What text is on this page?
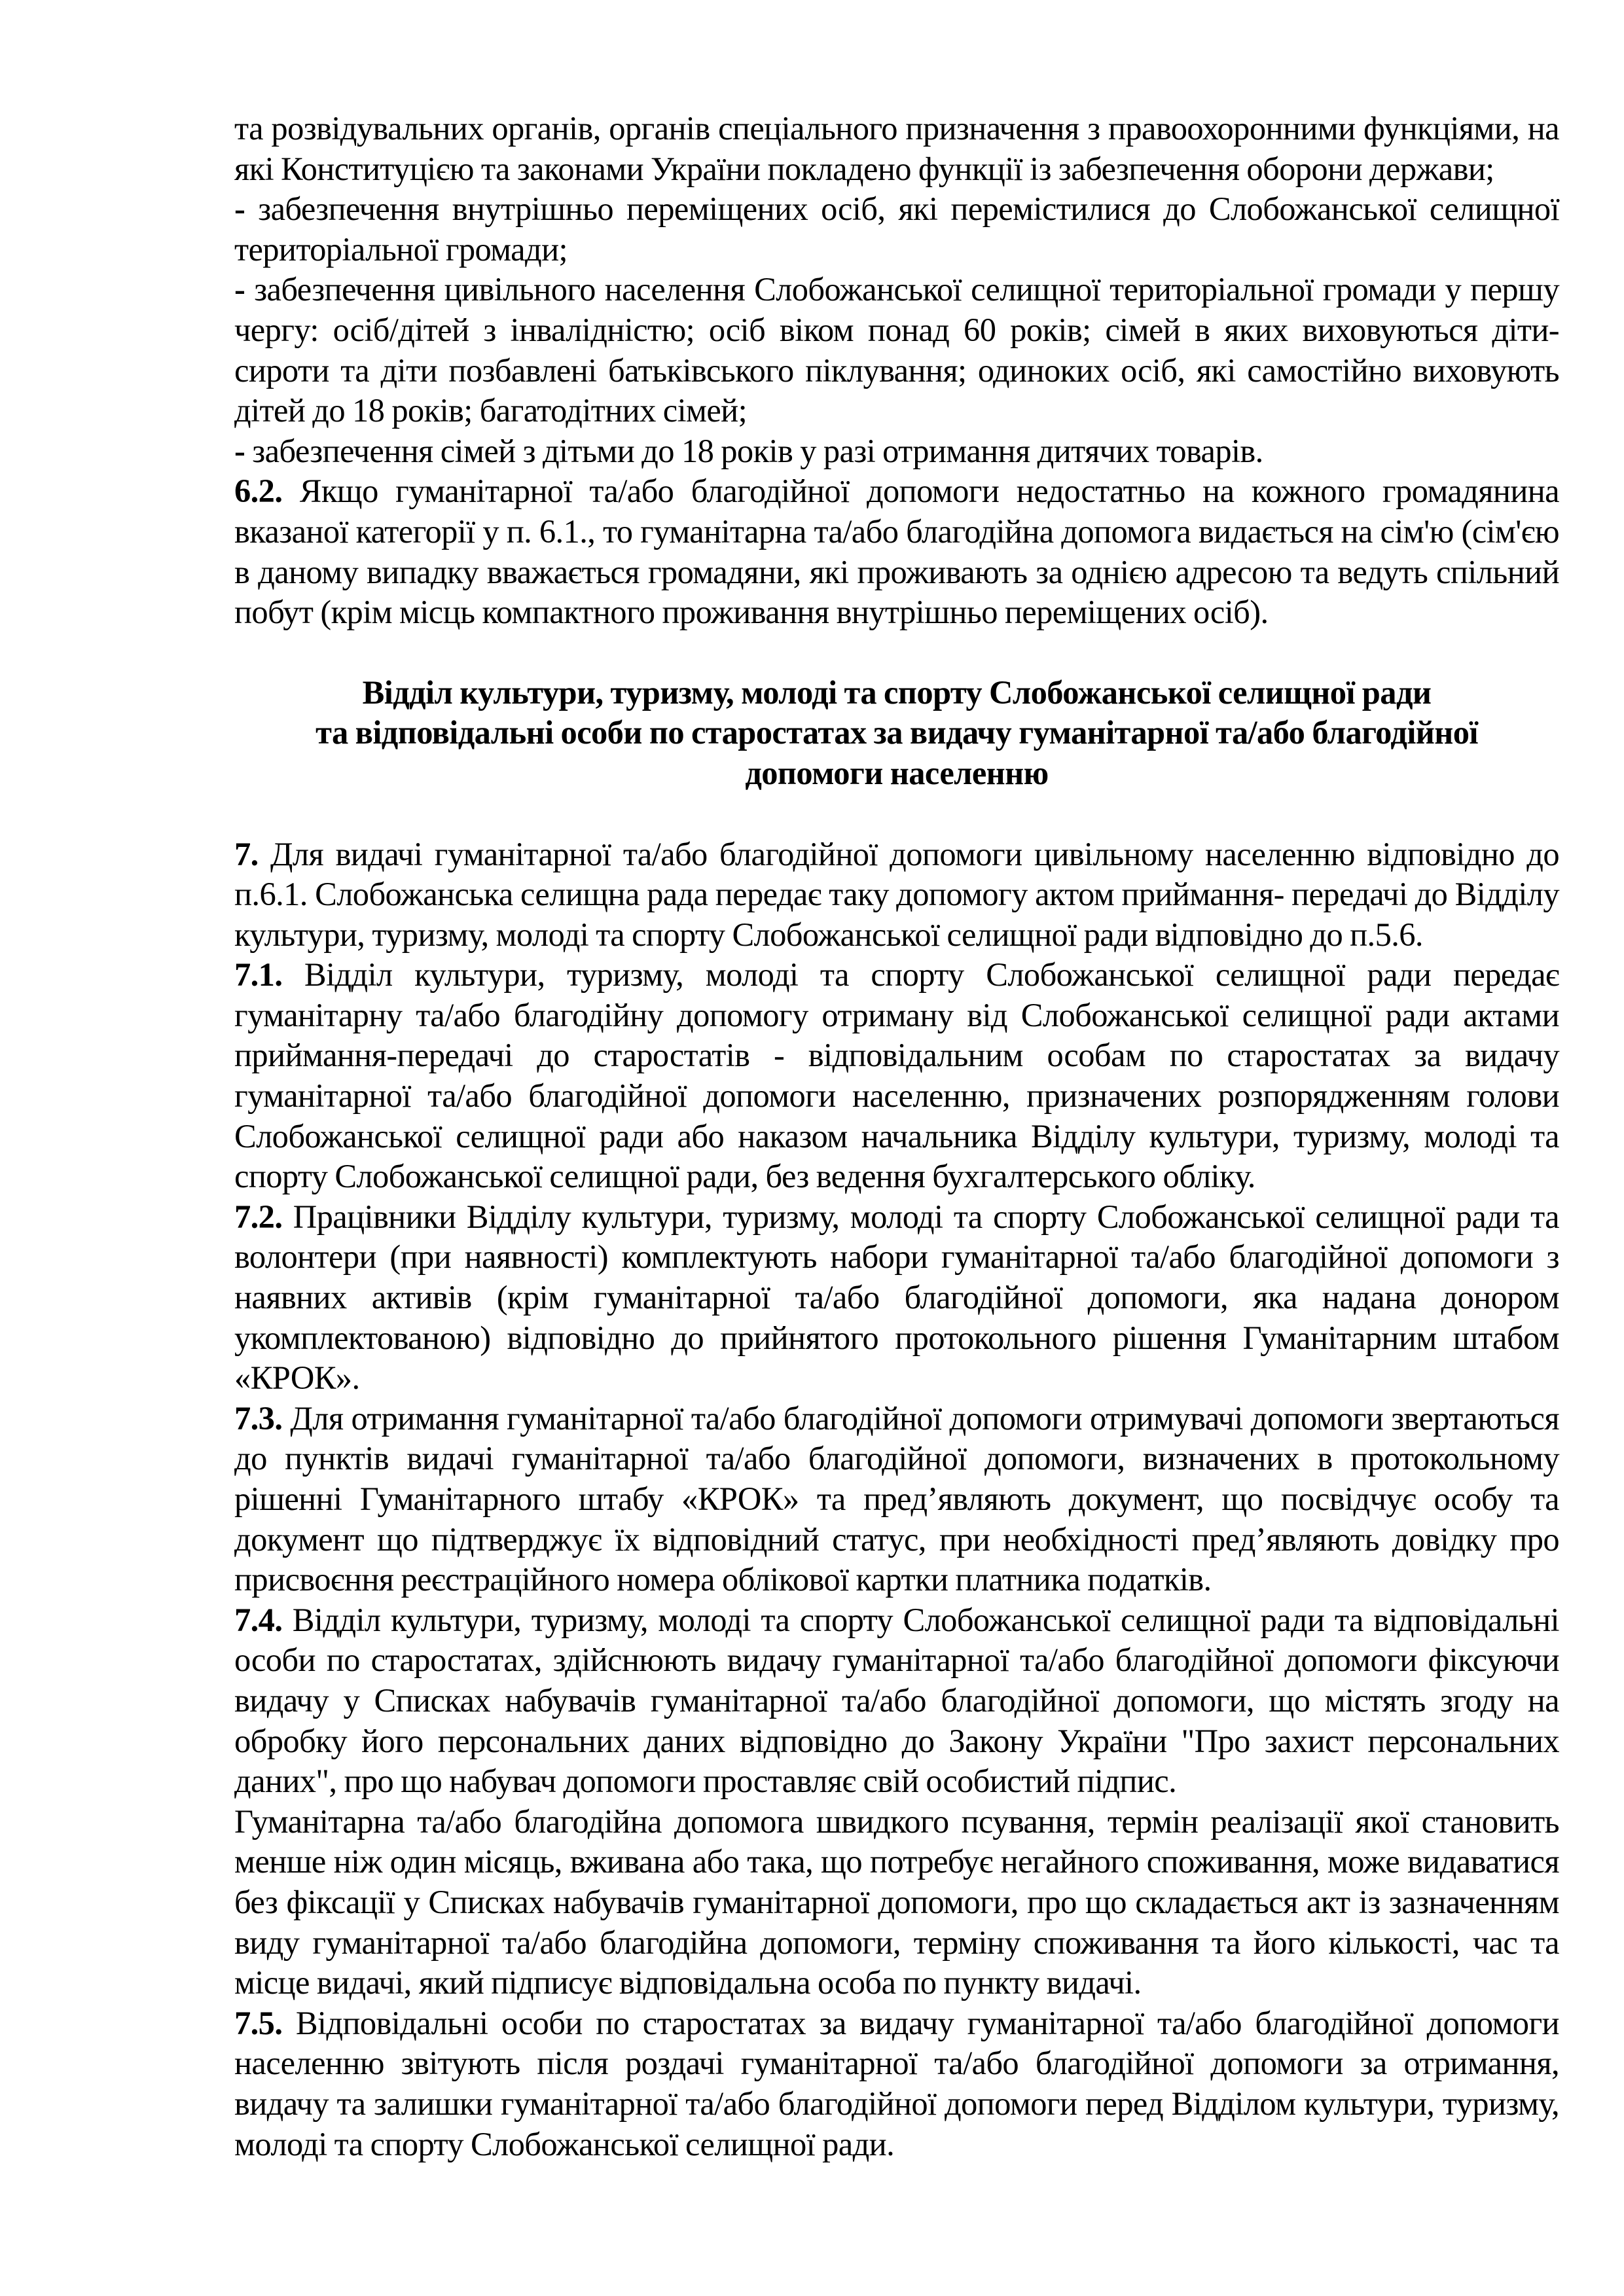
та розвідувальних органів, органів спеціального призначення з правоохоронними функціями, на які Конституцією та законами України покладено функції із забезпечення оборони держави;

- забезпечення внутрішньо переміщених осіб, які перемістилися до Слобожанської селищної територіальної громади;

- забезпечення цивільного населення Слобожанської селищної територіальної громади у першу чергу: осіб/дітей з інвалідністю; осіб віком понад 60 років; сімей в яких виховуються діти-сироти та діти позбавлені батьківського піклування; одиноких осіб, які самостійно виховують дітей до 18 років; багатодітних сімей;

- забезпечення сімей з дітьми до 18 років у разі отримання дитячих товарів.

6.2. Якщо гуманітарної та/або благодійної допомоги недостатньо на кожного громадянина вказаної категорії у п. 6.1., то гуманітарна та/або благодійна допомога видається на сім'ю (сім'єю в даному випадку вважається громадяни, які проживають за однією адресою та ведуть спільний побут (крім місць компактного проживання внутрішньо переміщених осіб).

Відділ культури, туризму, молоді та спорту Слобожанської селищної ради
та відповідальні особи по старостатах за видачу гуманітарної та/або благодійної
допомоги населенню

7. Для видачі гуманітарної та/або благодійної допомоги цивільному населенню відповідно до п.6.1. Слобожанська селищна рада передає таку допомогу актом приймання- передачі до Відділу культури, туризму, молоді та спорту Слобожанської селищної ради відповідно до п.5.6.

7.1. Відділ культури, туризму, молоді та спорту Слобожанської селищної ради передає гуманітарну та/або благодійну допомогу отриману від Слобожанської селищної ради актами приймання-передачі до старостатів - відповідальним особам по старостатах за видачу гуманітарної та/або благодійної допомоги населенню, призначених розпорядженням голови Слобожанської селищної ради або наказом начальника Відділу культури, туризму, молоді та спорту Слобожанської селищної ради, без ведення бухгалтерського обліку.

7.2. Працівники Відділу культури, туризму, молоді та спорту Слобожанської селищної ради та волонтери (при наявності) комплектують набори гуманітарної та/або благодійної допомоги з наявних активів (крім гуманітарної та/або благодійної допомоги, яка надана донором укомплектованою) відповідно до прийнятого протокольного рішення Гуманітарним штабом «КРОК».

7.3. Для отримання гуманітарної та/або благодійної допомоги отримувачі допомоги звертаються до пунктів видачі гуманітарної та/або благодійної допомоги, визначених в протокольному рішенні Гуманітарного штабу «КРОК» та пред’являють документ, що посвідчує особу та документ що підтверджує їх відповідний статус, при необхідності пред’являють довідку про присвоєння реєстраційного номера облікової картки платника податків.

7.4. Відділ культури, туризму, молоді та спорту Слобожанської селищної ради та відповідальні особи по старостатах, здійснюють видачу гуманітарної та/або благодійної допомоги фіксуючи видачу у Списках набувачів гуманітарної та/або благодійної допомоги, що містять згоду на обробку його персональних даних відповідно до Закону України "Про захист персональних даних", про що набувач допомоги проставляє свій особистий підпис.

Гуманітарна та/або благодійна допомога швидкого псування, термін реалізації якої становить менше ніж один місяць, вживана або така, що потребує негайного споживання, може видаватися без фіксації у Списках набувачів гуманітарної допомоги, про що складається акт із зазначенням виду гуманітарної та/або благодійна допомоги, терміну споживання та його кількості, час та місце видачі, який підписує відповідальна особа по пункту видачі.

7.5. Відповідальні особи по старостатах за видачу гуманітарної та/або благодійної допомоги населенню звітують після роздачі гуманітарної та/або благодійної допомоги за отримання, видачу та залишки гуманітарної та/або благодійної допомоги перед Відділом культури, туризму, молоді та спорту Слобожанської селищної ради.
